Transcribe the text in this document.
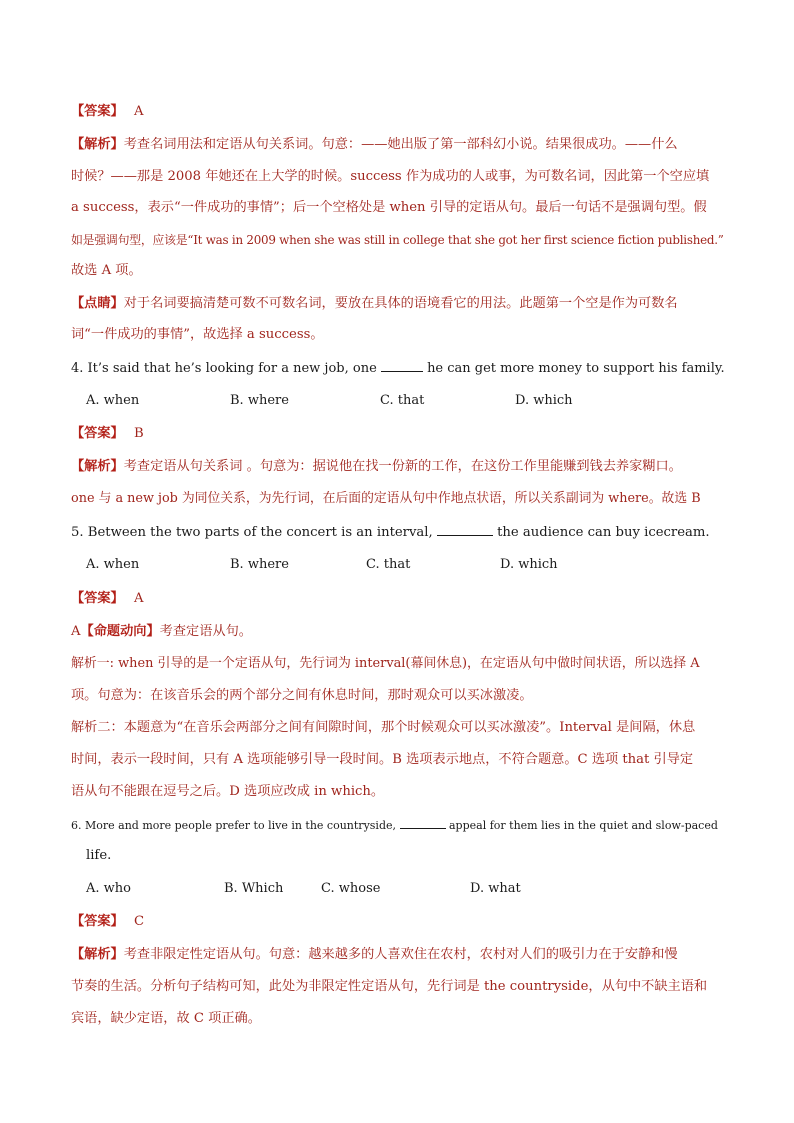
【答案】 A
【解析】考查名词用法和定语从句关系词。句意：——她出版了第一部科幻小说。结果很成功。——什么
时候？——那是 2008 年她还在上大学的时候。success 作为成功的人或事，为可数名词，因此第一个空应填
a success，表示“一件成功的事情”；后一个空格处是 when 引导的定语从句。最后一句话不是强调句型。假
如是强调句型，应该是“It was in 2009 when she was still in college that she got her first science fiction published.”
故选 A 项。
【点睛】对于名词要搞清楚可数不可数名词，要放在具体的语境看它的用法。此题第一个空是作为可数名
词“一件成功的事情”，故选择 a success。
4. It’s said that he’s looking for a new job, one	he can get more money to support his family.
A. when	B. where	C. that	D. which
【答案】 B
【解析】考查定语从句关系词 。句意为：据说他在找一份新的工作，在这份工作里能赚到钱去养家糊口。
one 与 a new job 为同位关系，为先行词，在后面的定语从句中作地点状语，所以关系副词为 where。故选 B
5. Between the two parts of the concert is an interval,	the audience can buy icecream.
A. when	B. where	C. that	D. which
【答案】 A
A【命题动向】考查定语从句。
解析一: when 引导的是一个定语从句，先行词为 interval(幕间休息)，在定语从句中做时间状语，所以选择 A
项。句意为：在该音乐会的两个部分之间有休息时间，那时观众可以买冰激凌。
解析二：本题意为“在音乐会两部分之间有间隙时间，那个时候观众可以买冰激凌”。Interval 是间隔，休息
时间，表示一段时间，只有 A 选项能够引导一段时间。B 选项表示地点，不符合题意。C 选项 that 引导定
语从句不能跟在逗号之后。D 选项应改成 in which。
6. More and more people prefer to live in the countryside,	appeal for them lies in the quiet and slow-paced
life.
A. who	B. Which	C. whose	D. what
【答案】 C
【解析】考查非限定性定语从句。句意：越来越多的人喜欢住在农村，农村对人们的吸引力在于安静和慢
节奏的生活。分析句子结构可知，此处为非限定性定语从句，先行词是 the countryside，从句中不缺主语和
宾语，缺少定语，故 C 项正确。
